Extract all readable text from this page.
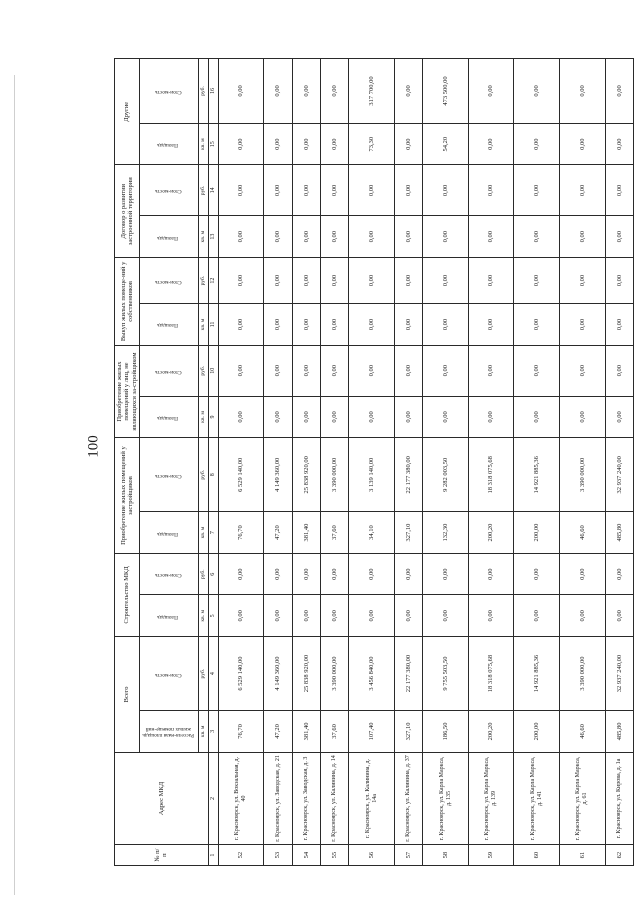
100
№ п/п	Адрес МКД	Всего		Строительство МКД		Приобретение жилых помещений у застройщиков		Приобретение жилых помещений у лиц, не являющихся за-стройщиком		Выкуп жилых помеще-ний у собственников		Договор о развитии застроенной территории		Другие	
		Расселя-емая площадь жилых помеще-ний	Стои-мость	Площадь	Стои-мость	Площадь	Стои-мость	Площадь	Стои-мость	Площадь	Стои-мость	Площадь	Стои-мость	Площадь	Стои-мость
		кв. м	руб.	кв. м	руб.	кв. м	руб.	кв. м	руб.	кв. м	руб.	кв. м	руб.	кв. м	руб.
1	2	3	4	5	6	7	8	9	10	11	12	13	14	15	16
52	г. Красноярск, ул. Вокзальная, д. 40	76,70	6 529 140,00	0,00	0,00	76,70	6 529 140,00	0,00	0,00	0,00	0,00	0,00	0,00	0,00	0,00
53	г. Красноярск, ул. Заводская, д. 21	47,20	4 149 360,00	0,00	0,00	47,20	4 149 360,00	0,00	0,00	0,00	0,00	0,00	0,00	0,00	0,00
54	г. Красноярск, ул. Заводская, д. 3	381,40	25 838 920,00	0,00	0,00	381,40	25 838 920,00	0,00	0,00	0,00	0,00	0,00	0,00	0,00	0,00
55	г. Красноярск, ул. Калинина, д. 14	37,60	3 390 000,00	0,00	0,00	37,60	3 390 000,00	0,00	0,00	0,00	0,00	0,00	0,00	0,00	0,00
56	г. Красноярск, ул. Калинина, д. 14а	107,40	3 456 840,00	0,00	0,00	34,10	3 139 140,00	0,00	0,00	0,00	0,00	0,00	0,00	73,30	317 700,00
57	г. Красноярск, ул. Калинина, д. 37	327,10	22 177 380,00	0,00	0,00	327,10	22 177 380,00	0,00	0,00	0,00	0,00	0,00	0,00	0,00	0,00
58	г. Красноярск, ул. Карла Маркса, д. 135	186,50	9 755 503,50	0,00	0,00	132,30	9 282 003,50	0,00	0,00	0,00	0,00	0,00	0,00	54,20	473 500,00
59	г. Красноярск, ул. Карла Маркса, д. 139	200,20	18 318 075,68	0,00	0,00	200,20	18 318 075,68	0,00	0,00	0,00	0,00	0,00	0,00	0,00	0,00
60	г. Красноярск, ул. Карла Маркса, д. 141	200,00	14 921 885,36	0,00	0,00	200,00	14 921 885,36	0,00	0,00	0,00	0,00	0,00	0,00	0,00	0,00
61	г. Красноярск, ул. Карла Маркса, д. 61	46,60	3 390 000,00	0,00	0,00	46,60	3 390 000,00	0,00	0,00	0,00	0,00	0,00	0,00	0,00	0,00
62	г. Красноярск, ул. Кирова, д. 1а	485,80	32 937 240,00	0,00	0,00	485,80	32 937 240,00	0,00	0,00	0,00	0,00	0,00	0,00	0,00	0,00
